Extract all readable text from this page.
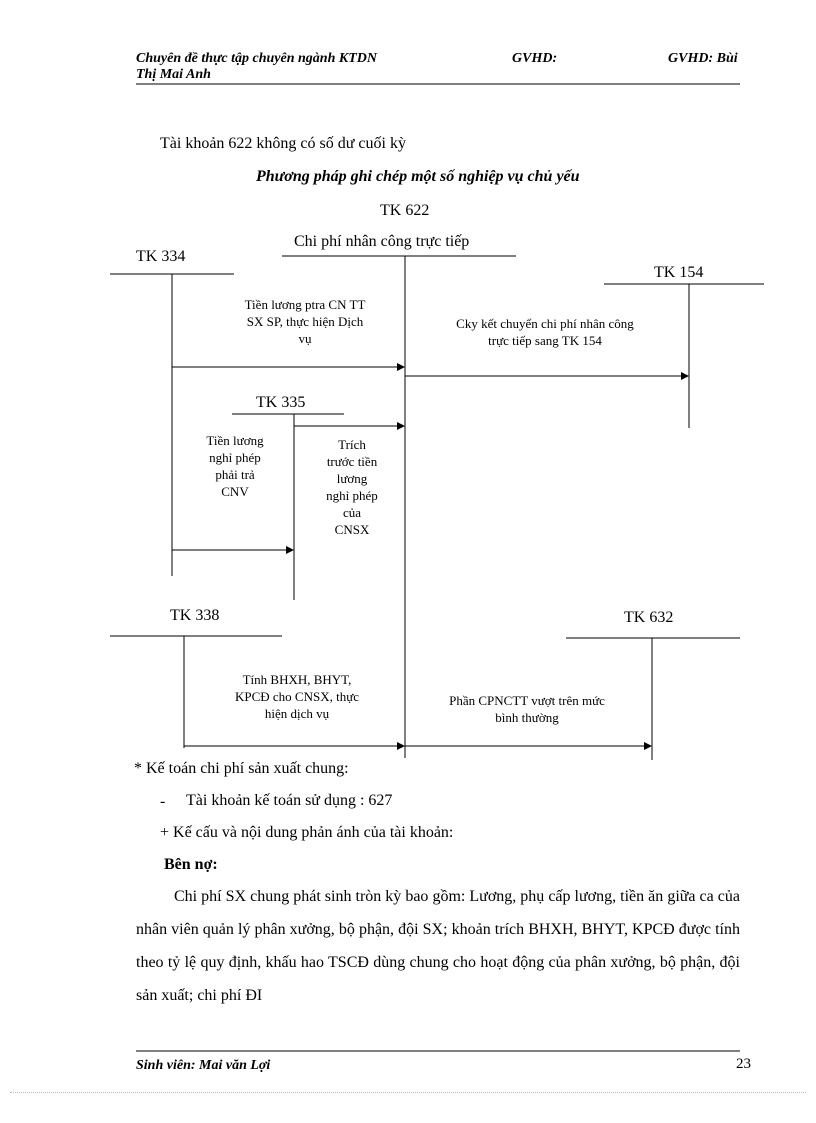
Chuyên đề thực tập chuyên ngành KTDN	GVHD:	GVHD: Bùi
Thị Mai Anh
Tài khoản 622 không có số dư cuối kỳ
Phương pháp ghi chép một số nghiệp vụ chủ yếu
TK 622
Chi phí nhân công trực tiếp
TK 334
TK 154
TK 335
TK 338	TK 632
Tiền lương ptra CN TT
SX SP, thực hiện Dịch
vụ
Cky kết chuyển chi phí nhân công
trực tiếp sang TK 154
Tiền lương
nghỉ phép
phải trả
CNV
Trích
trước tiền
lương
nghỉ phép
của
CNSX
Tính BHXH, BHYT,
KPCĐ cho CNSX, thực
hiện dịch vụ
Phần CPNCTT vượt trên mức
bình thường
* Kế toán chi phí sản xuất chung:
- Tài khoản kế toán sử dụng : 627
+ Kế cấu và nội dung phản ánh của tài khoản:
Bên nợ:
Chi phí SX chung phát sinh tròn kỳ bao gồm: Lương, phụ cấp lương, tiền ăn giữa ca của nhân viên quản lý phân xưởng, bộ phận, đội SX; khoản trích BHXH, BHYT, KPCĐ được tính theo tỷ lệ quy định, khấu hao TSCĐ dùng chung cho hoạt động của phân xưởng, bộ phận, đội sản xuất; chi phí ĐI
Sinh viên: Mai văn Lợi	23
